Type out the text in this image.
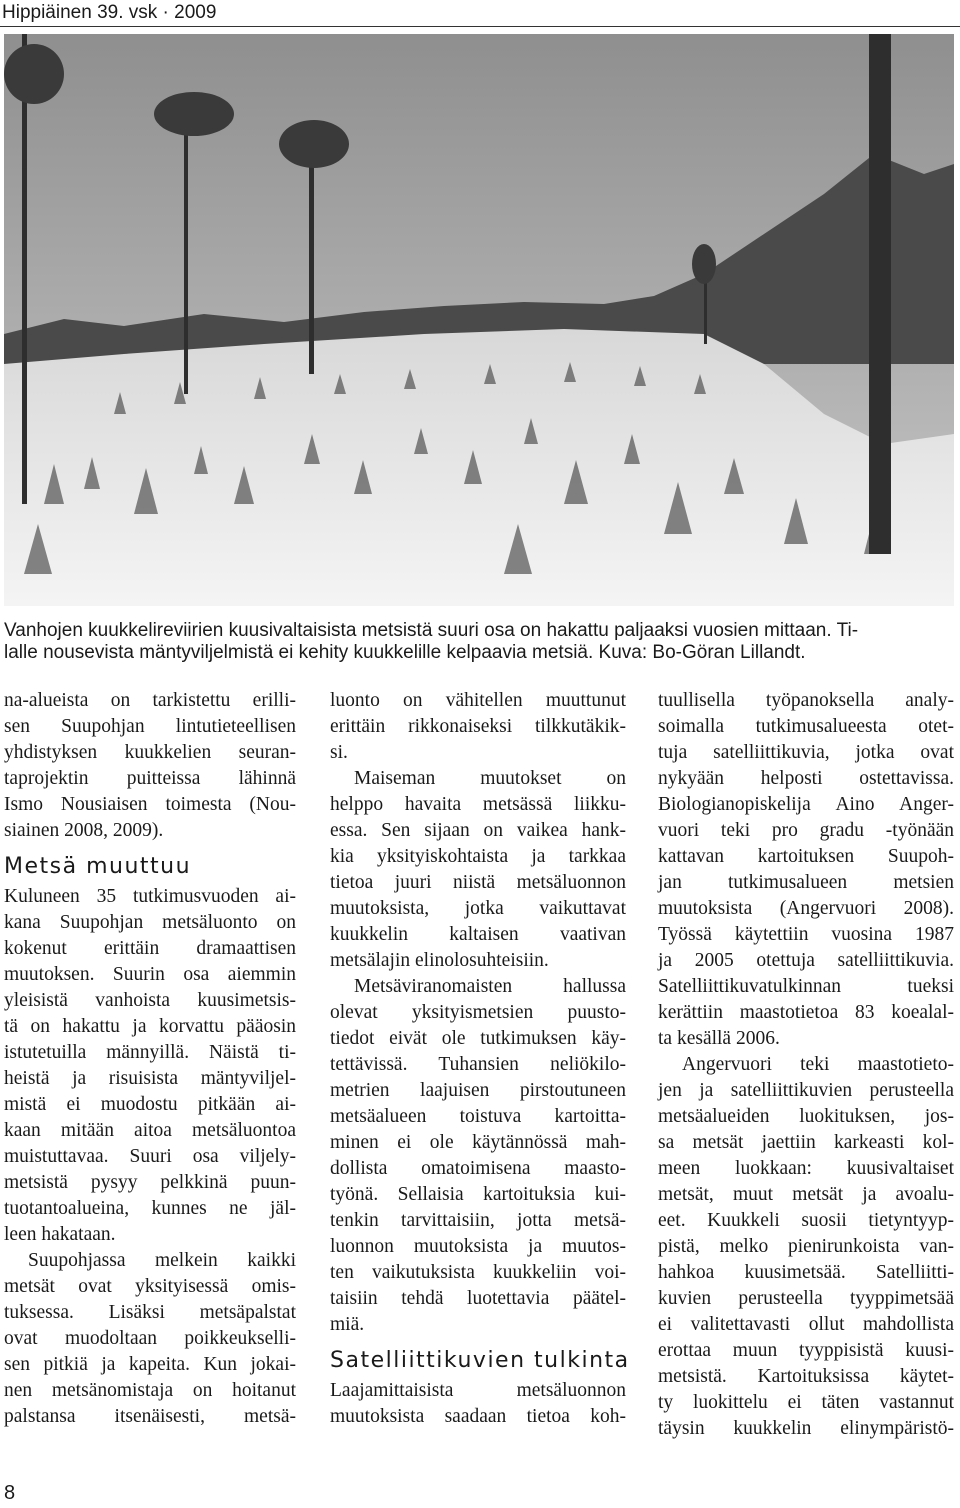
Hippiäinen 39. vsk · 2009
Vanhojen kuukkelireviirien kuusivaltaisista metsistä suuri osa on hakattu paljaaksi vuosien mittaan. Ti-
lalle nousevista mäntyviljelmistä ei kehity kuukkelille kelpaavia metsiä. Kuva: Bo-Göran Lillandt.
na-alueista on tarkistettu erilli-
sen Suupohjan lintutieteellisen
yhdistyksen kuukkelien seuran-
taprojektin puitteissa lähinnä
Ismo Nousiaisen toimesta (Nou-
siainen 2008, 2009).
Metsä muuttuu
Kuluneen 35 tutkimusvuoden ai-
kana Suupohjan metsäluonto on
kokenut erittäin dramaattisen
muutoksen. Suurin osa aiemmin
yleisistä vanhoista kuusimetsis-
tä on hakattu ja korvattu pääosin
istutetuilla männyillä. Näistä ti-
heistä ja risuisista mäntyviljel-
mistä ei muodostu pitkään ai-
kaan mitään aitoa metsäluontoa
muistuttavaa. Suuri osa viljely-
metsistä pysyy pelkkinä puun-
tuotantoalueina, kunnes ne jäl-
leen hakataan.
Suupohjassa melkein kaikki
metsät ovat yksityisessä omis-
tuksessa. Lisäksi metsäpalstat
ovat muodoltaan poikkeukselli-
sen pitkiä ja kapeita. Kun jokai-
nen metsänomistaja on hoitanut
palstansa itsenäisesti, metsä-
luonto on vähitellen muuttunut
erittäin rikkonaiseksi tilkkutäkik-
si.
Maiseman muutokset on
helppo havaita metsässä liikku-
essa. Sen sijaan on vaikea hank-
kia yksityiskohtaista ja tarkkaa
tietoa juuri niistä metsäluonnon
muutoksista, jotka vaikuttavat
kuukkelin kaltaisen vaativan
metsälajin elinolosuhteisiin.
Metsäviranomaisten hallussa
olevat yksityismetsien puusto-
tiedot eivät ole tutkimuksen käy-
tettävissä. Tuhansien neliökilo-
metrien laajuisen pirstoutuneen
metsäalueen toistuva kartoitta-
minen ei ole käytännössä mah-
dollista omatoimisena maasto-
työnä. Sellaisia kartoituksia kui-
tenkin tarvittaisiin, jotta metsä-
luonnon muutoksista ja muutos-
ten vaikutuksista kuukkeliin voi-
taisiin tehdä luotettavia päätel-
miä.
Satelliittikuvien tulkinta
Laajamittaisista metsäluonnon
muutoksista saadaan tietoa koh-
tuullisella työpanoksella analy-
soimalla tutkimusalueesta otet-
tuja satelliittikuvia, jotka ovat
nykyään helposti ostettavissa.
Biologianopiskelija Aino Anger-
vuori teki pro gradu -työnään
kattavan kartoituksen Suupoh-
jan tutkimusalueen metsien
muutoksista (Angervuori 2008).
Työssä käytettiin vuosina 1987
ja 2005 otettuja satelliittikuvia.
Satelliittikuvatulkinnan tueksi
kerättiin maastotietoa 83 koealal-
ta kesällä 2006.
Angervuori teki maastotieto-
jen ja satelliittikuvien perusteella
metsäalueiden luokituksen, jos-
sa metsät jaettiin karkeasti kol-
meen luokkaan: kuusivaltaiset
metsät, muut metsät ja avoalu-
eet. Kuukkeli suosii tietyntyyp-
pistä, melko pienirunkoista van-
hahkoa kuusimetsää. Satelliitti-
kuvien perusteella tyyppimetsää
ei valitettavasti ollut mahdollista
erottaa muun tyyppisistä kuusi-
metsistä. Kartoituksissa käytet-
ty luokittelu ei täten vastannut
täysin kuukkelin elinympäristö-
8
